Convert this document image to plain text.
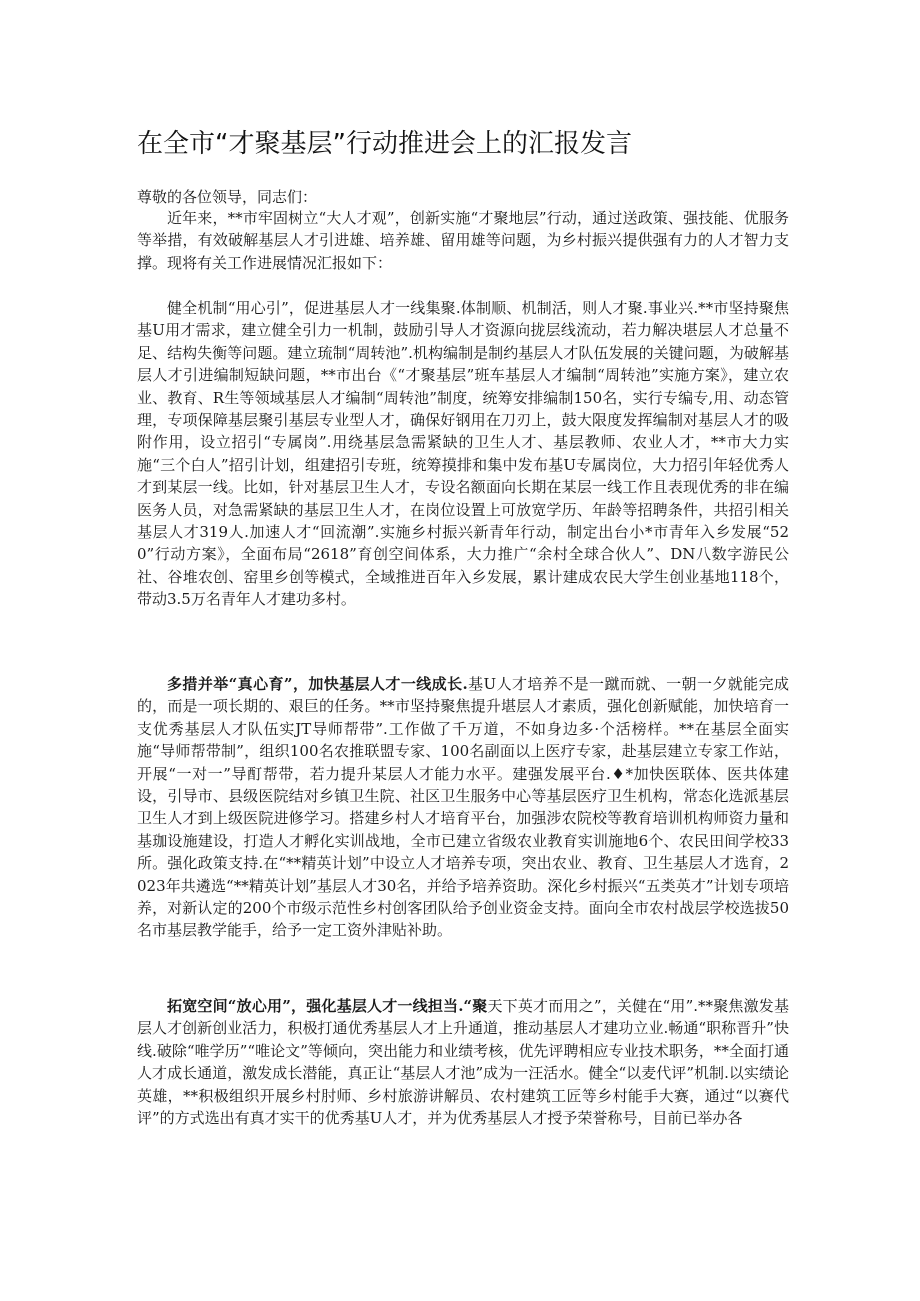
在全市“才聚基层”行动推进会上的汇报发言

尊敬的各位领导，同志们：

近年来，**市牢固树立“大人才观”，创新实施“才聚地层”行动，通过送政策、强技能、优服务等举措，有效破解基层人才引进雄、培养雄、留用雄等问题，为乡村振兴提供强有力的人才智力支撑。现将有关工作进展情况汇报如下：

健全机制“用心引”，促进基层人才一线集聚.体制顺、机制活，则人才聚.事业兴.**市坚持聚焦基U用才需求，建立健全引力一机制，鼓励引导人才资源向拢层线流动，若力解决堪层人才总量不足、结构失衡等问题。建立琉制“周转池”.机构编制是制约基层人才队伍发展的关键问题，为破解基层人才引进编制短缺问题，**市出台《“才聚基层”班车基层人才编制“周转池”实施方案》，建立农业、教育、R生等领域基层人才编制“周转池”制度，统筹安排编制150名，实行专编专,用、动态管理，专项保障基层聚引基层专业型人才，确保好钢用在刀刃上，鼓大限度发挥编制对基层人才的吸附作用，设立招引“专属岗”.用绕基层急需紧缺的卫生人才、基层教师、农业人才，**市大力实施“三个白人”招引计划，组建招引专班，统筹摸排和集中发布基U专属岗位，大力招引年轻优秀人才到某层一线。比如，针对基层卫生人才，专设名额面向长期在某层一线工作且表现优秀的非在编医务人员，对急需紧缺的基层卫生人才，在岗位设置上可放宽学历、年龄等招聘条件，共招引相关基层人才319人.加速人才“回流潮”.实施乡村振兴新青年行动，制定出台小*市青年入乡发展“520”行动方案》，全面布局“2618”育创空间体系，大力推广“余村全球合伙人”、DN八数字游民公社、谷堆农创、窑里乡创等模式，全域推进百年入乡发展，累计建成农民大学生创业基地118个，带动3.5万名青年人才建功多村。

多措并举“真心育”，加快基层人才一线成长.基U人才培养不是一蹴而就、一朝一夕就能完成的，而是一项长期的、艰巨的任务。**市坚持聚焦提升堪层人才素质，强化创新赋能，加快培育一支优秀基层人才队伍实JT导师帮带”.工作做了千万道，不如身边多·个活榜样。**在基层全面实施“导师帮带制”，组织100名农推联盟专家、100名副面以上医疗专家，赴基层建立专家工作站，开展“一对一”导酊帮带，若力提升某层人才能力水平。建强发展平台.♦*加快医联体、医共体建设，引导市、县级医院结对乡镇卫生院、社区卫生服务中心等基层医疗卫生机构，常态化选派基层卫生人才到上级医院进修学习。搭建乡村人才培育平台，加强涉农院校等教育培训机构师资力量和基珈设施建设，打造人才孵化实训战地，全市已建立省级农业教育实训施地6个、农民田间学校33所。强化政策支持.在“**精英计划”中设立人才培养专项，突出农业、教育、卫生基层人才选育，2023年共遴选“**精英计划”基层人才30名，并给予培养资助。深化乡村振兴“五类英才”计划专项培养，对新认定的200个市级示范性乡村创客团队给予创业资金支持。面向全市农村战层学校选拔50名市基层教学能手，给予一定工资外津贴补助。

拓宽空间“放心用”，强化基层人才一线担当.“聚天下英才而用之”，关健在“用”.**聚焦激发基层人才创新创业活力，积极打通优秀基层人才上升通道，推动基层人才建功立业.畅通“职称晋升”快线.破除“唯学历”“唯论文”等倾向，突出能力和业绩考核，优先评聘相应专业技术职务，**全面打通人才成长通道，激发成长潜能，真正让“基层人才池”成为一汪活水。健全“以麦代评”机制.以实绩论英雄，**积极组织开展乡村肘师、乡村旅游讲解员、农村建筑工匠等乡村能手大赛，通过“以赛代评”的方式选出有真才实干的优秀基U人才，并为优秀基层人才授予荣誉称号，目前已举办各
